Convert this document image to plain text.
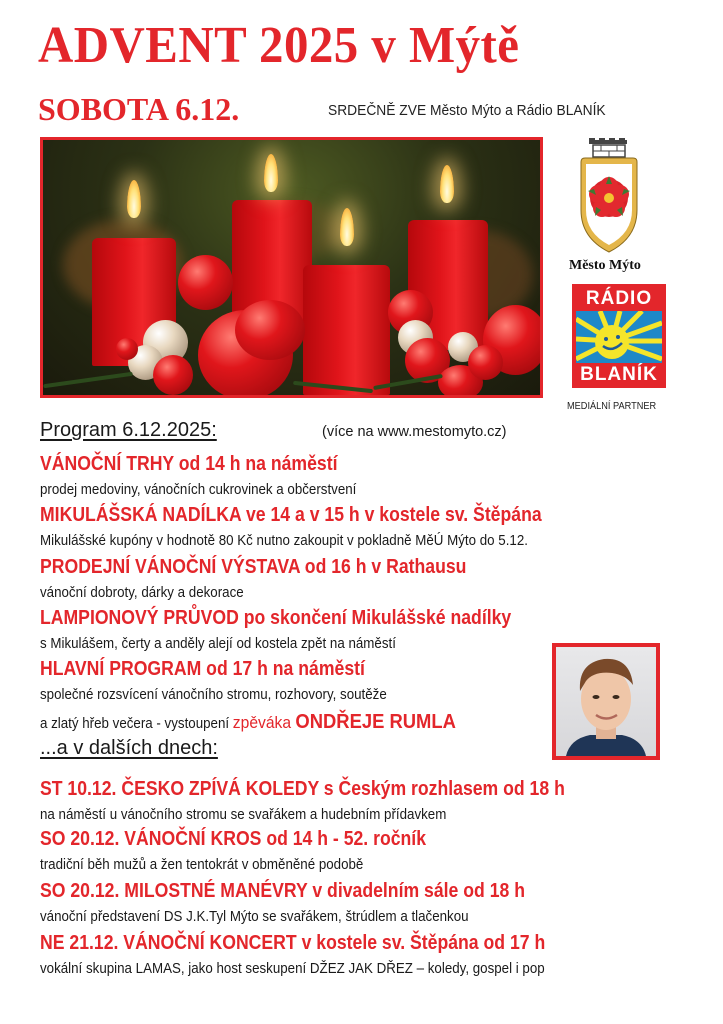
ADVENT 2025 v Mýtě
SOBOTA 6.12.	SRDEČNĚ ZVE Město Mýto a Rádio BLANÍK
Město Mýto
RÁDIO
BLANÍK
MEDIÁLNÍ PARTNER
Program 6.12.2025:	(více na www.mestomyto.cz)
VÁNOČNÍ TRHY od 14 h na náměstí
prodej medoviny, vánočních cukrovinek a občerstvení
MIKULÁŠSKÁ NADÍLKA ve 14 a v 15 h v kostele sv. Štěpána
Mikulášské kupóny v hodnotě 80 Kč nutno zakoupit v pokladně MěÚ Mýto do 5.12.
PRODEJNÍ VÁNOČNÍ VÝSTAVA od 16 h v Rathausu
vánoční dobroty, dárky a dekorace
LAMPIONOVÝ PRŮVOD po skončení Mikulášské nadílky
s Mikulášem, čerty a anděly alejí od kostela zpět na náměstí
HLAVNÍ PROGRAM od 17 h na náměstí
společné rozsvícení vánočního stromu, rozhovory, soutěže
a zlatý hřeb večera - vystoupení zpěváka ONDŘEJE RUMLA
...a v dalších dnech:
ST 10.12. ČESKO ZPÍVÁ KOLEDY s Českým rozhlasem od 18 h
na náměstí u vánočního stromu se svařákem a hudebním přídavkem
SO 20.12. VÁNOČNÍ KROS od 14 h - 52. ročník
tradiční běh mužů a žen tentokrát v obměněné podobě
SO 20.12. MILOSTNÉ MANÉVRY v divadelním sále od 18 h
vánoční představení DS J.K.Tyl Mýto se svařákem, štrúdlem a tlačenkou
NE 21.12. VÁNOČNÍ KONCERT v kostele sv. Štěpána od 17 h
vokální skupina LAMAS, jako host seskupení DŽEZ JAK DŘEZ – koledy, gospel i pop
